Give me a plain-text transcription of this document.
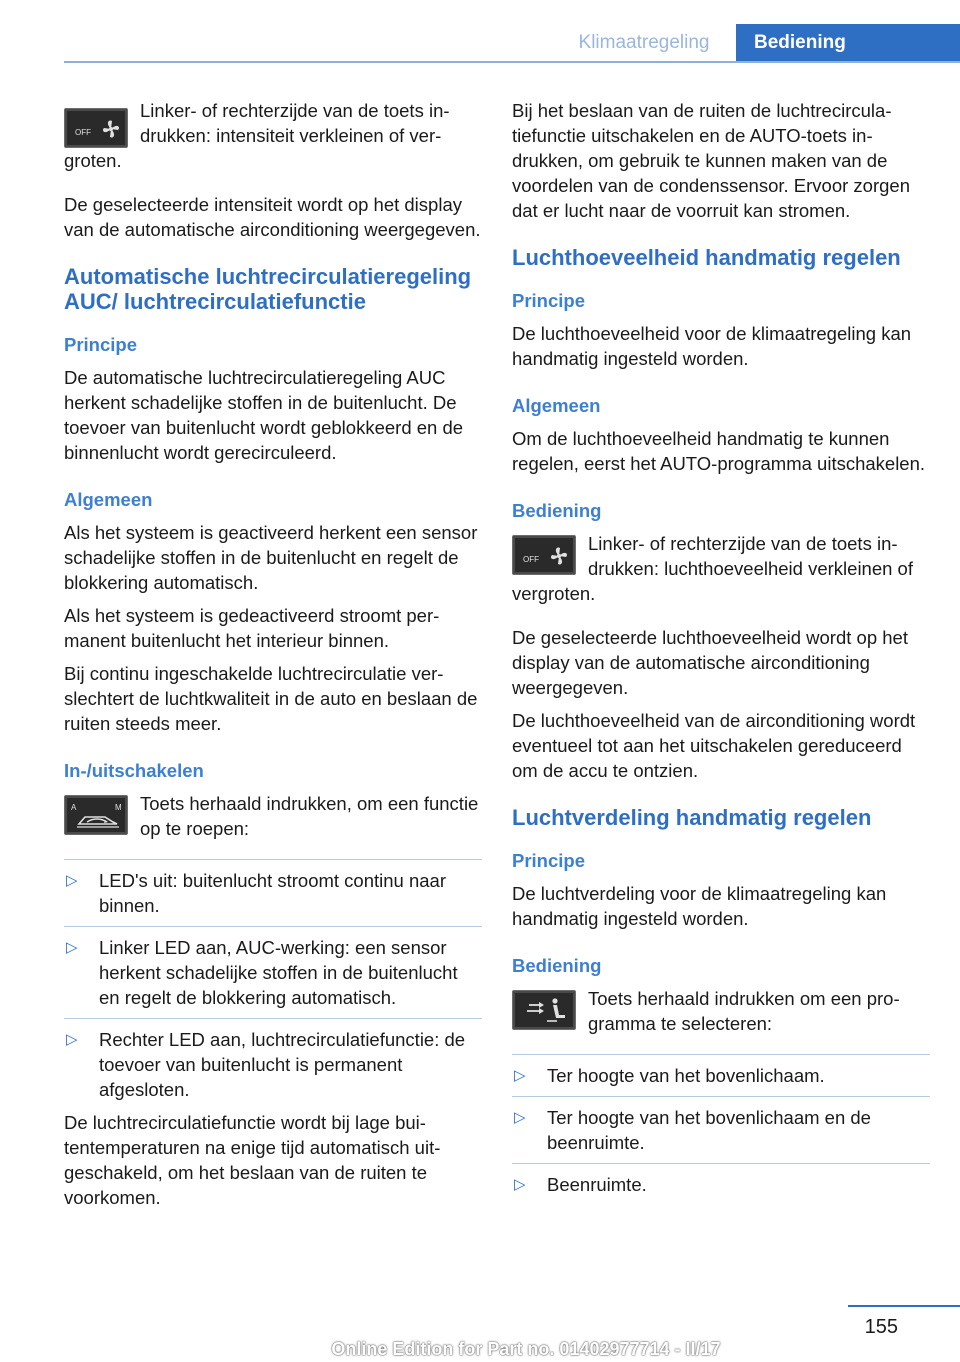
Klimaatregeling	Bediening
OFF

Linker- of rechterzijde van de toets indrukken: intensiteit verkleinen of vergroten.

De geselecteerde intensiteit wordt op het display van de automatische airconditioning weergegeven.

Automatische luchtrecirculatieregeling AUC/ luchtrecirculatiefunctie
Principe

De automatische luchtrecirculatieregeling AUC herkent schadelijke stoffen in de buitenlucht. De toevoer van buitenlucht wordt geblokkeerd en de binnenlucht wordt gerecirculeerd.

Algemeen

Als het systeem is geactiveerd herkent een sensor schadelijke stoffen in de buitenlucht en regelt de blokkering automatisch.

Als het systeem is gedeactiveerd stroomt permanent buitenlucht het interieur binnen.

Bij continu ingeschakelde luchtrecirculatie verslechtert de luchtkwaliteit in de auto en beslaan de ruiten steeds meer.

In-/uitschakelen
A	M Toets herhaald indrukken, om een functie op te roepen:

▷ LED's uit: buitenlucht stroomt continu naar binnen.
▷ Linker LED aan, AUC-werking: een sensor herkent schadelijke stoffen in de buitenlucht en regelt de blokkering automatisch.
▷ Rechter LED aan, luchtrecirculatiefunctie: de toevoer van buitenlucht is permanent afgesloten.

De luchtrecirculatiefunctie wordt bij lage buitentemperaturen na enige tijd automatisch uitgeschakeld, om het beslaan van de ruiten te voorkomen.

Bij het beslaan van de ruiten de luchtrecirculatiefunctie uitschakelen en de AUTO-toets indrukken, om gebruik te kunnen maken van de voordelen van de condenssensor. Ervoor zorgen dat er lucht naar de voorruit kan stromen.

Luchthoeveelheid handmatig regelen
Principe

De luchthoeveelheid voor de klimaatregeling kan handmatig ingesteld worden.

Algemeen

Om de luchthoeveelheid handmatig te kunnen regelen, eerst het AUTO-programma uitschakelen.

Bediening
OFF

Linker- of rechterzijde van de toets indrukken: luchthoeveelheid verkleinen of vergroten.

De geselecteerde luchthoeveelheid wordt op het display van de automatische airconditioning weergegeven.

De luchthoeveelheid van de airconditioning wordt eventueel tot aan het uitschakelen gereduceerd om de accu te ontzien.

Luchtverdeling handmatig regelen
Principe

De luchtverdeling voor de klimaatregeling kan handmatig ingesteld worden.

Bediening

Toets herhaald indrukken om een programma te selecteren:

▷ Ter hoogte van het bovenlichaam.
▷ Ter hoogte van het bovenlichaam en de beenruimte.
▷ Beenruimte.
155
Online Edition for Part no. 01402977714 - II/17
